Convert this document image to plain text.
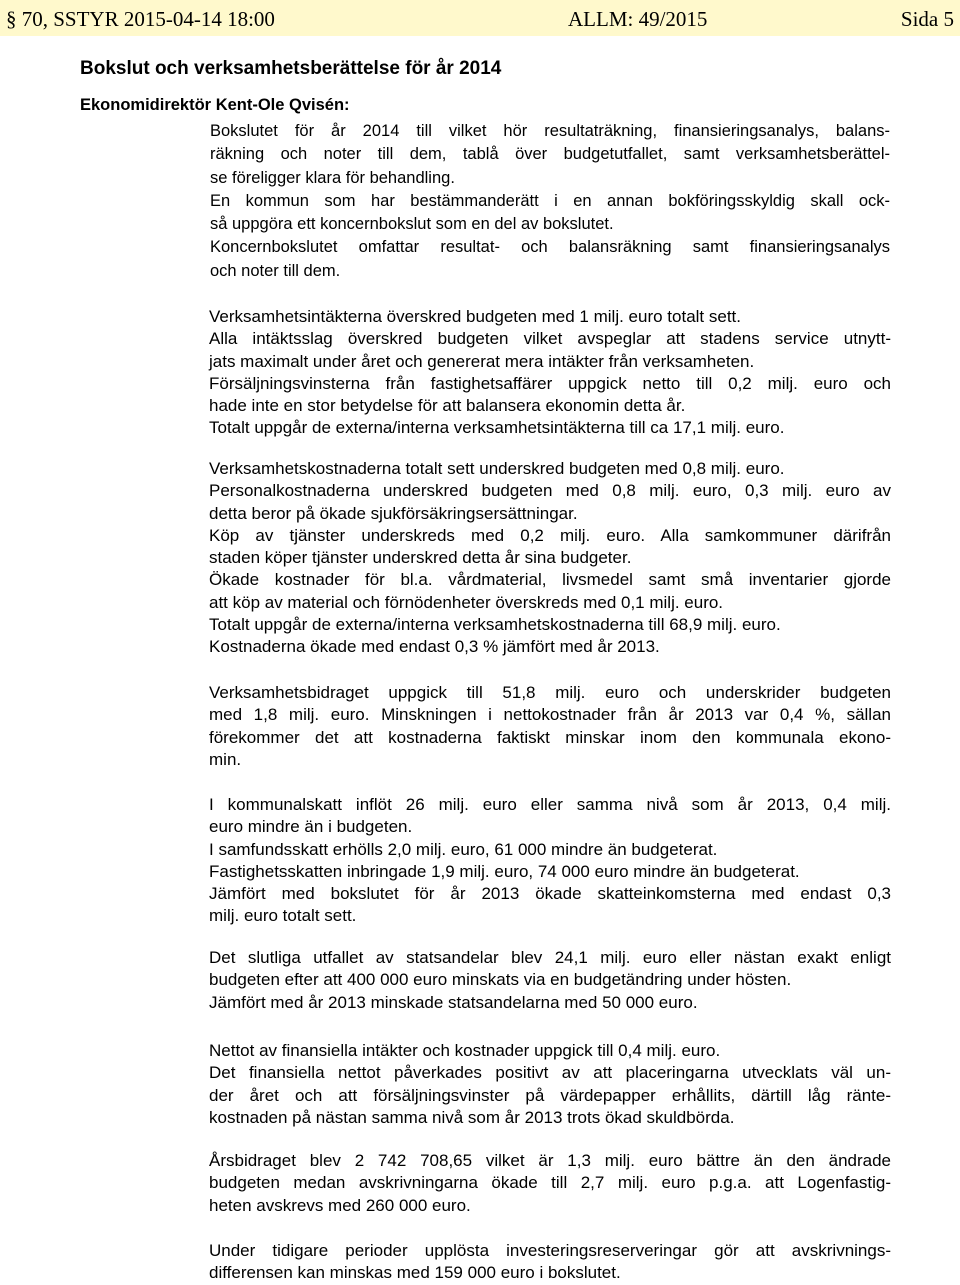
§ 70, SSTYR 2015-04-14 18:00	ALLM: 49/2015	Sida 5
Bokslut och verksamhetsberättelse för år 2014
Ekonomidirektör Kent-Ole Qvisén:
Bokslutet för år 2014 till vilket hör resultaträkning, finansieringsanalys, balans-
räkning och noter till dem, tablå över budgetutfallet, samt verksamhetsberättel-
se föreligger klara för behandling.
En kommun som har bestämmanderätt i en annan bokföringsskyldig skall ock-
så uppgöra ett koncernbokslut som en del av bokslutet.
Koncernbokslutet omfattar resultat- och balansräkning samt finansieringsanalys
och noter till dem.
Verksamhetsintäkterna överskred budgeten med 1 milj. euro totalt sett.
Alla intäktsslag överskred budgeten vilket avspeglar att stadens service utnytt-
jats maximalt under året och genererat mera intäkter från verksamheten.
Försäljningsvinsterna från fastighetsaffärer uppgick netto till 0,2 milj. euro och
hade inte en stor betydelse för att balansera ekonomin detta år.
Totalt uppgår de externa/interna verksamhetsintäkterna till ca 17,1 milj. euro.
Verksamhetskostnaderna totalt sett underskred budgeten med 0,8 milj. euro.
Personalkostnaderna underskred budgeten med 0,8 milj. euro, 0,3 milj. euro av
detta beror på ökade sjukförsäkringsersättningar.
Köp av tjänster underskreds med 0,2 milj. euro. Alla samkommuner därifrån
staden köper tjänster underskred detta år sina budgeter.
Ökade kostnader för bl.a. vårdmaterial, livsmedel samt små inventarier gjorde
att köp av material och förnödenheter överskreds med 0,1 milj. euro.
Totalt uppgår de externa/interna verksamhetskostnaderna till 68,9 milj. euro.
Kostnaderna ökade med endast 0,3 % jämfört med år 2013.
Verksamhetsbidraget uppgick till 51,8 milj. euro och underskrider budgeten
med 1,8 milj. euro. Minskningen i nettokostnader från år 2013 var 0,4 %, sällan
förekommer det att kostnaderna faktiskt minskar inom den kommunala ekono-
min.
I kommunalskatt inflöt 26 milj. euro eller samma nivå som år 2013, 0,4 milj.
euro mindre än i budgeten.
I samfundsskatt erhölls 2,0 milj. euro, 61 000 mindre än budgeterat.
Fastighetsskatten inbringade 1,9 milj. euro, 74 000 euro mindre än budgeterat.
Jämfört med bokslutet för år 2013 ökade skatteinkomsterna med endast 0,3
milj. euro totalt sett.
Det slutliga utfallet av statsandelar blev 24,1 milj. euro eller nästan exakt enligt
budgeten efter att 400 000 euro minskats via en budgetändring under hösten.
Jämfört med år 2013 minskade statsandelarna med 50 000 euro.
Nettot av finansiella intäkter och kostnader uppgick till 0,4 milj. euro.
Det finansiella nettot påverkades positivt av att placeringarna utvecklats väl un-
der året och att försäljningsvinster på värdepapper erhållits, därtill låg ränte-
kostnaden på nästan samma nivå som år 2013 trots ökad skuldbörda.
Årsbidraget blev 2 742 708,65 vilket är 1,3 milj. euro bättre än den ändrade
budgeten medan avskrivningarna ökade till 2,7 milj. euro p.g.a. att Logenfastig-
heten avskrevs med 260 000 euro.
Under tidigare perioder upplösta investeringsreserveringar gör att avskrivnings-
differensen kan minskas med 159 000 euro i bokslutet.
